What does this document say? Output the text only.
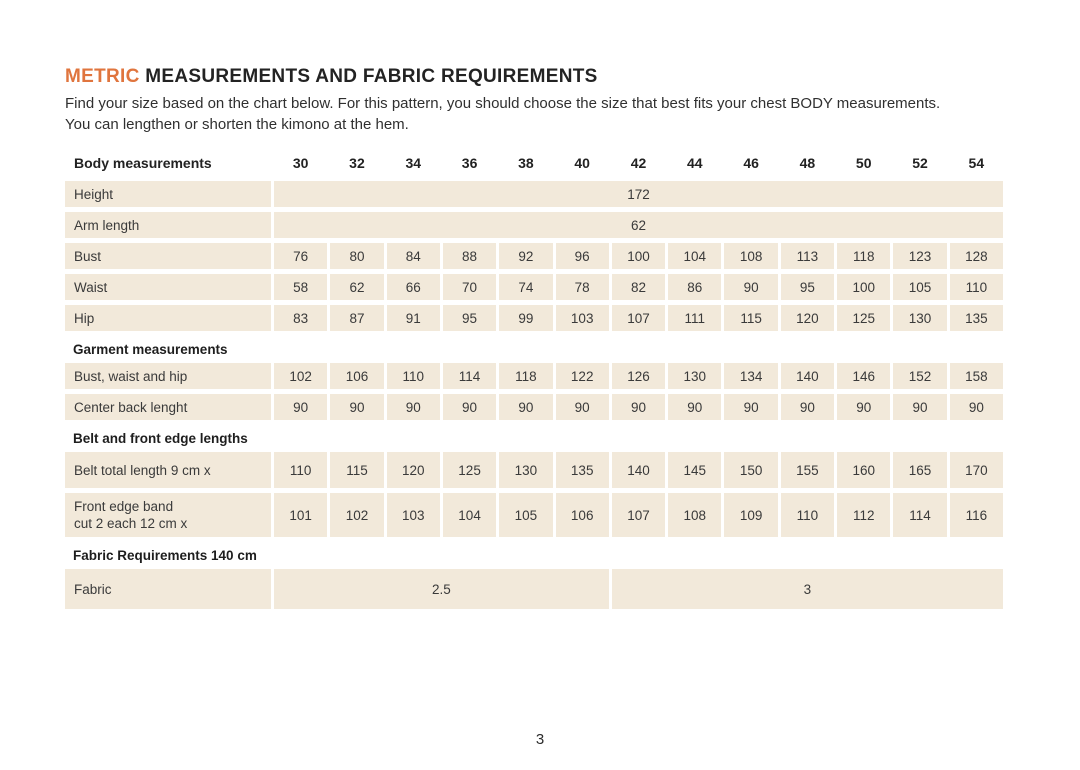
METRIC MEASUREMENTS AND FABRIC REQUIREMENTS

Find your size based on the chart below. For this pattern, you should choose the size that best fits your chest BODY measurements.
You can lengthen or shorten the kimono at the hem.

Body measurements	30	32	34	36	38	40	42	44	46	48	50	52	54
Height	172
Arm length	62
Bust	76	80	84	88	92	96	100	104	108	113	118	123	128
Waist	58	62	66	70	74	78	82	86	90	95	100	105	110
Hip	83	87	91	95	99	103	107	111	115	120	125	130	135
Garment measurements
Bust, waist and hip	102	106	110	114	118	122	126	130	134	140	146	152	158
Center back lenght	90	90	90	90	90	90	90	90	90	90	90	90	90
Belt and front edge lengths
Belt total length 9 cm x	110	115	120	125	130	135	140	145	150	155	160	165	170
Front edge band
cut 2 each 12 cm x
101	102	103	104	105	106	107	108	109	110	112	114	116
Fabric Requirements 140 cm
Fabric	2.5	3
3
